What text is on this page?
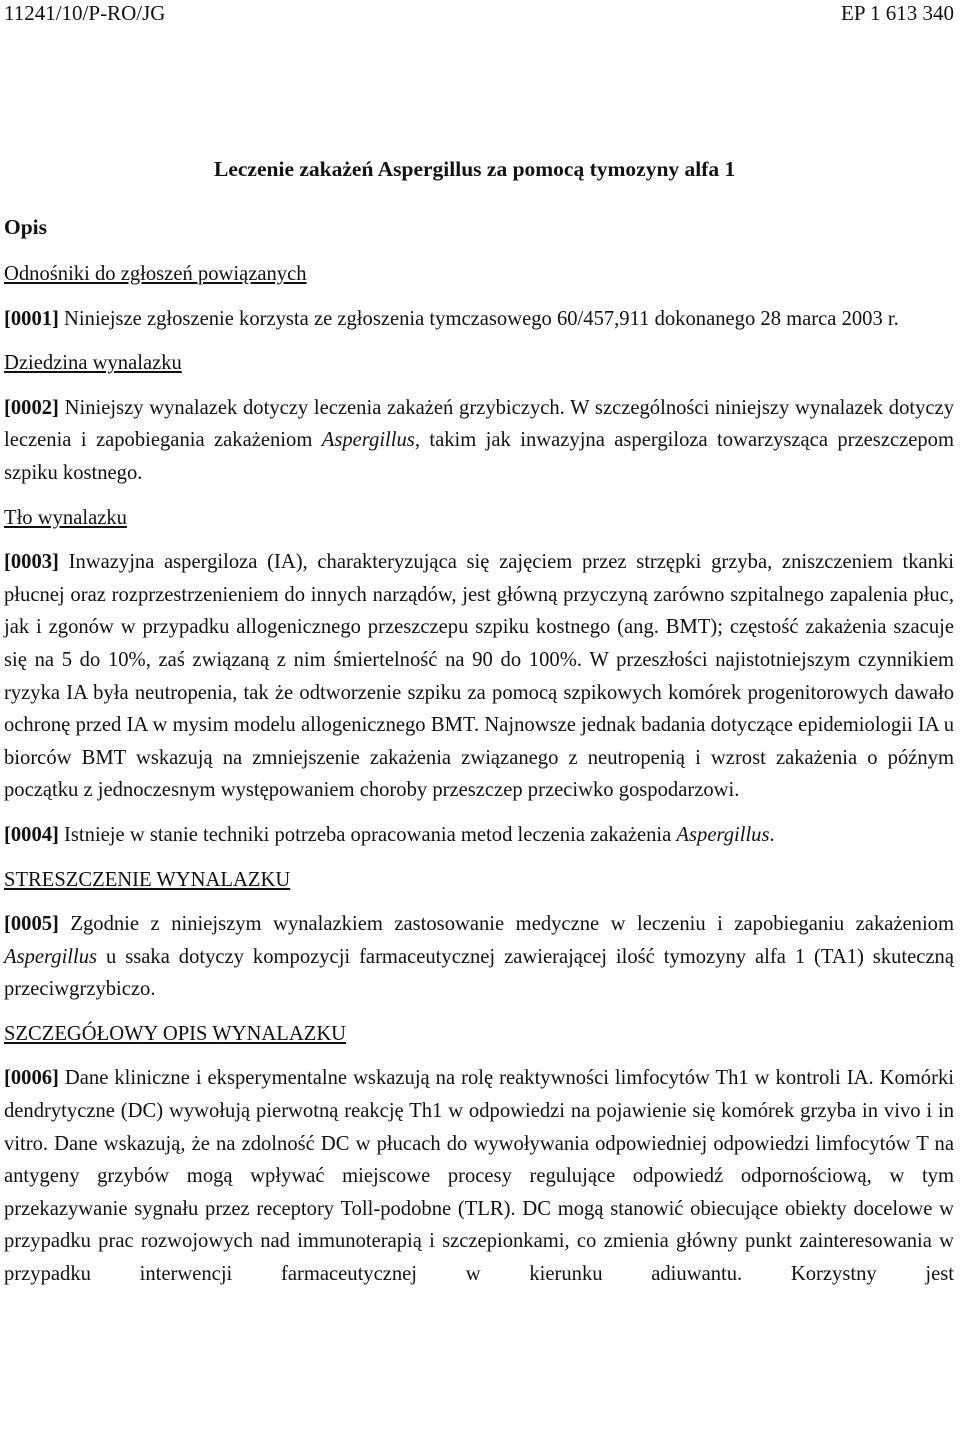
11241/10/P-RO/JG	EP 1 613 340
Leczenie zakażeń Aspergillus za pomocą tymozyny alfa 1
Opis

Odnośniki do zgłoszeń powiązanych

[0001] Niniejsze zgłoszenie korzysta ze zgłoszenia tymczasowego 60/457,911 dokonanego 28 marca 2003 r.

Dziedzina wynalazku

[0002] Niniejszy wynalazek dotyczy leczenia zakażeń grzybiczych. W szczególności niniejszy wynalazek dotyczy leczenia i zapobiegania zakażeniom Aspergillus, takim jak inwazyjna aspergiloza towarzysząca przeszczepom szpiku kostnego.

Tło wynalazku

[0003] Inwazyjna aspergiloza (IA), charakteryzująca się zajęciem przez strzępki grzyba, zniszczeniem tkanki płucnej oraz rozprzestrzenieniem do innych narządów, jest główną przyczyną zarówno szpitalnego zapalenia płuc, jak i zgonów w przypadku allogenicznego przeszczepu szpiku kostnego (ang. BMT); częstość zakażenia szacuje się na 5 do 10%, zaś związaną z nim śmiertelność na 90 do 100%. W przeszłości najistotniejszym czynnikiem ryzyka IA była neutropenia, tak że odtworzenie szpiku za pomocą szpikowych komórek progenitorowych dawało ochronę przed IA w mysim modelu allogenicznego BMT. Najnowsze jednak badania dotyczące epidemiologii IA u biorców BMT wskazują na zmniejszenie zakażenia związanego z neutropenią i wzrost zakażenia o późnym początku z jednoczesnym występowaniem choroby przeszczep przeciwko gospodarzowi.

[0004] Istnieje w stanie techniki potrzeba opracowania metod leczenia zakażenia Aspergillus.

STRESZCZENIE WYNALAZKU

[0005] Zgodnie z niniejszym wynalazkiem zastosowanie medyczne w leczeniu i zapobieganiu zakażeniom Aspergillus u ssaka dotyczy kompozycji farmaceutycznej zawierającej ilość tymozyny alfa 1 (TA1) skuteczną przeciwgrzybiczo.

SZCZEGÓŁOWY OPIS WYNALAZKU

[0006] Dane kliniczne i eksperymentalne wskazują na rolę reaktywności limfocytów Th1 w kontroli IA. Komórki dendrytyczne (DC) wywołują pierwotną reakcję Th1 w odpowiedzi na pojawienie się komórek grzyba in vivo i in vitro. Dane wskazują, że na zdolność DC w płucach do wywoływania odpowiedniej odpowiedzi limfocytów T na antygeny grzybów mogą wpływać miejscowe procesy regulujące odpowiedź odpornościową, w tym przekazywanie sygnału przez receptory Toll-podobne (TLR). DC mogą stanowić obiecujące obiekty docelowe w przypadku prac rozwojowych nad immunoterapią i szczepionkami, co zmienia główny punkt zainteresowania w przypadku interwencji farmaceutycznej w kierunku adiuwantu. Korzystny jest
